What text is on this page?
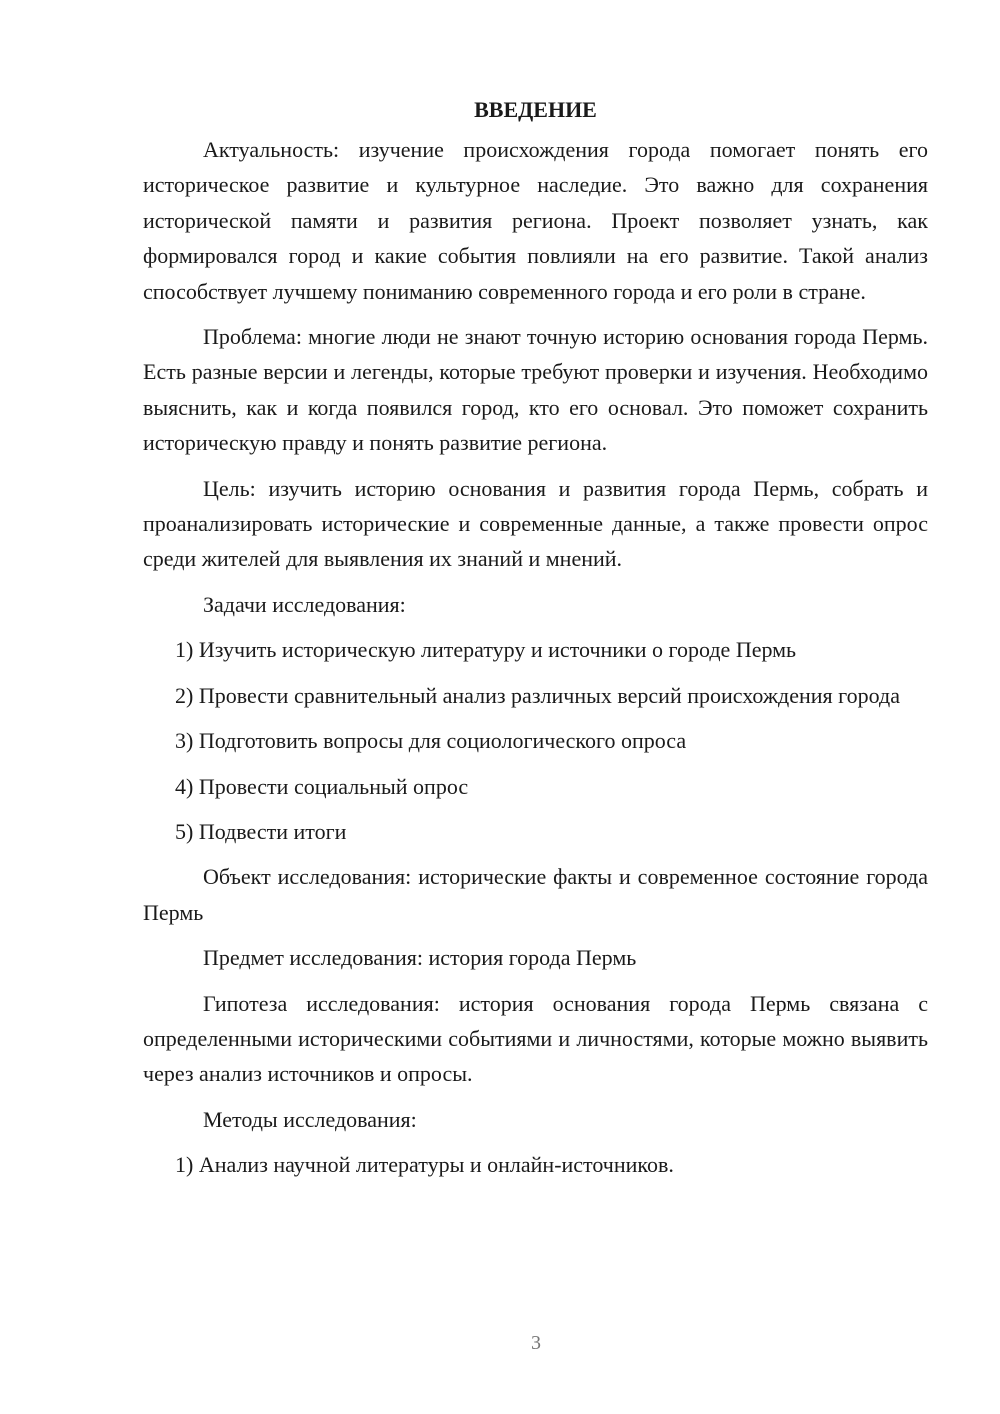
ВВЕДЕНИЕ

Актуальность: изучение происхождения города помогает понять его историческое развитие и культурное наследие. Это важно для сохранения исторической памяти и развития региона. Проект позволяет узнать, как формировался город и какие события повлияли на его развитие. Такой анализ способствует лучшему пониманию современного города и его роли в стране.

Проблема: многие люди не знают точную историю основания города Пермь. Есть разные версии и легенды, которые требуют проверки и изучения. Необходимо выяснить, как и когда появился город, кто его основал. Это поможет сохранить историческую правду и понять развитие региона.

Цель: изучить историю основания и развития города Пермь, собрать и проанализировать исторические и современные данные, а также провести опрос среди жителей для выявления их знаний и мнений.

Задачи исследования:

1) Изучить историческую литературу и источники о городе Пермь

2) Провести сравнительный анализ различных версий происхождения города

3) Подготовить вопросы для социологического опроса

4) Провести социальный опрос

5) Подвести итоги

Объект исследования: исторические факты и современное состояние города Пермь

Предмет исследования: история города Пермь

Гипотеза исследования: история основания города Пермь связана с определенными историческими событиями и личностями, которые можно выявить через анализ источников и опросы.

Методы исследования:

1) Анализ научной литературы и онлайн-источников.

3
